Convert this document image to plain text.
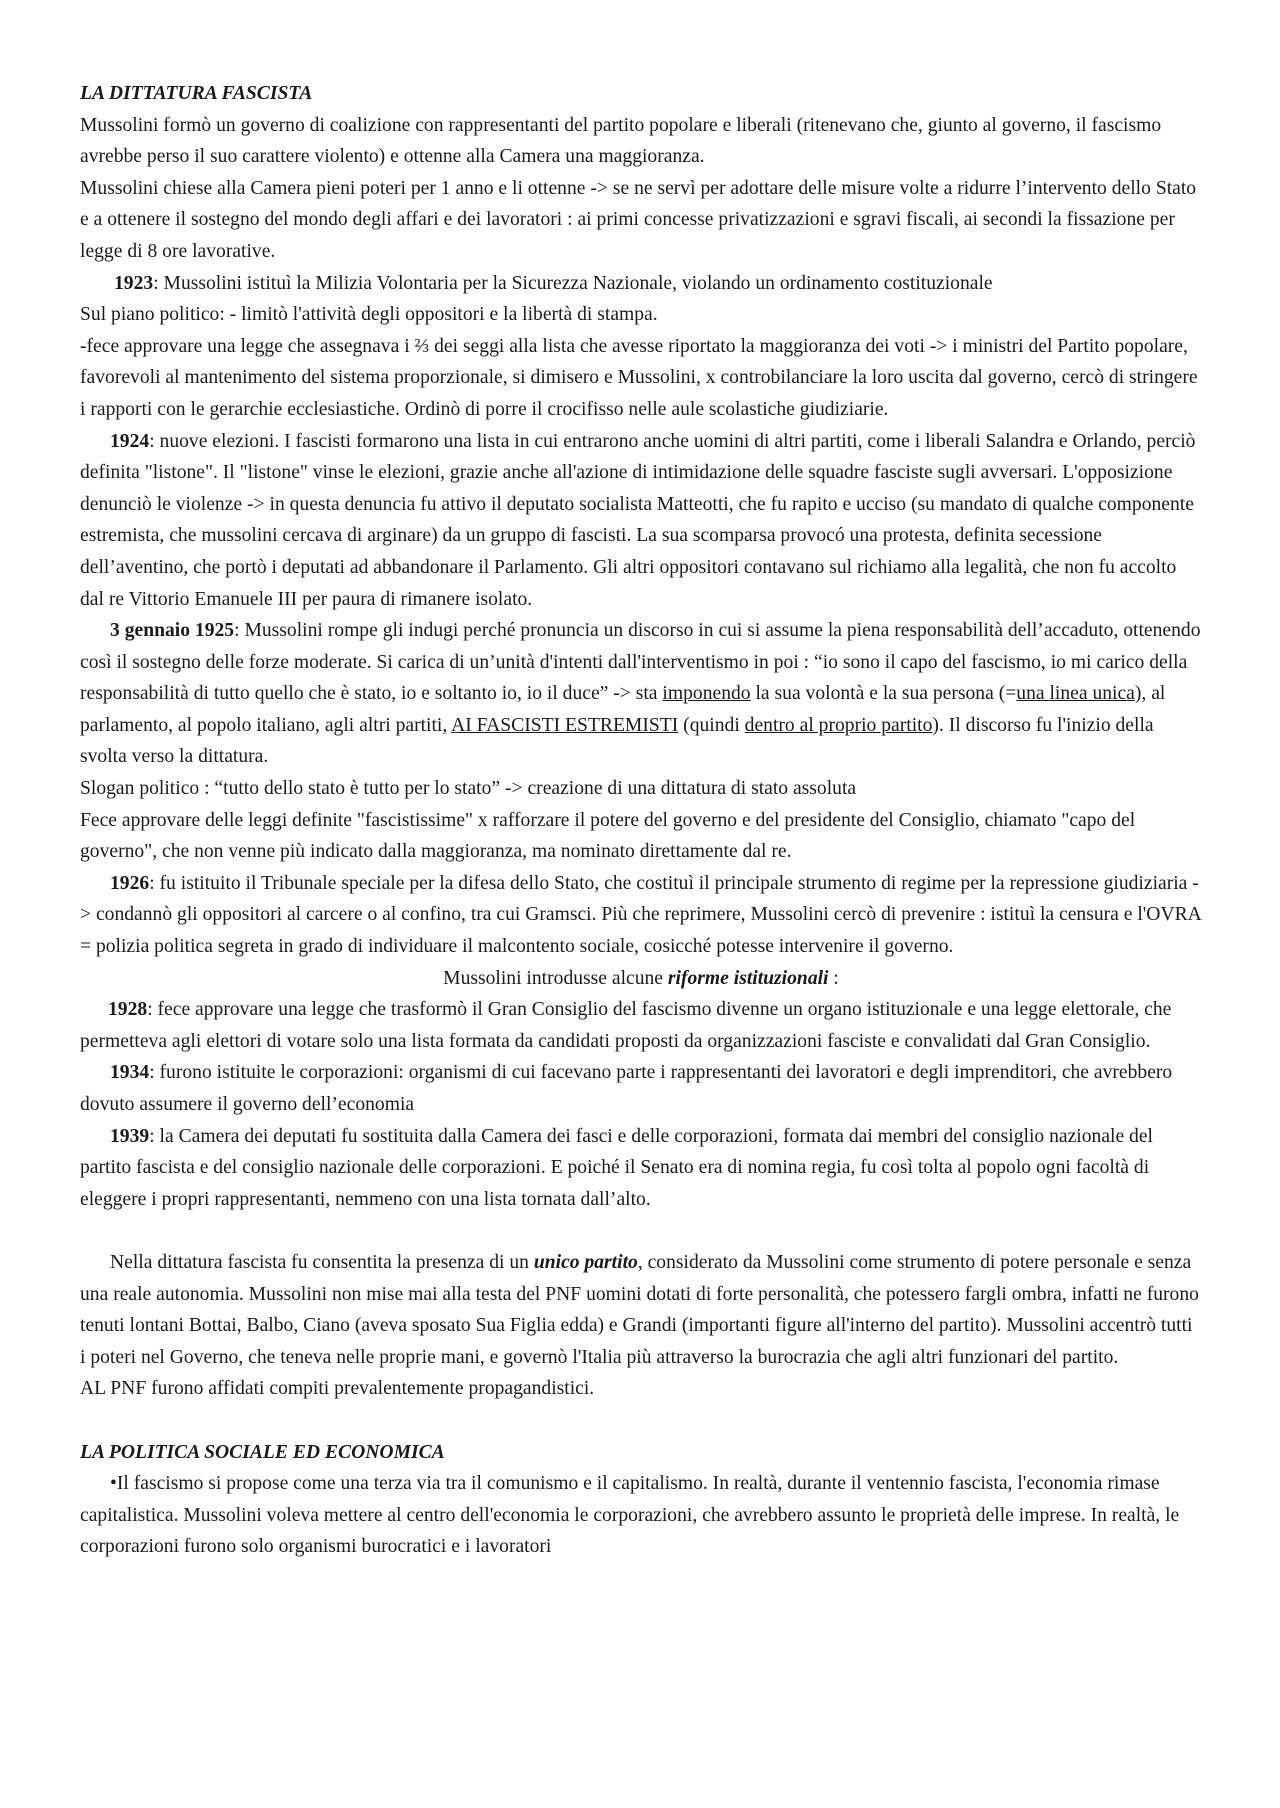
LA DITTATURA FASCISTA

Mussolini formò un governo di coalizione con rappresentanti del partito popolare e liberali (ritenevano che, giunto al governo, il fascismo avrebbe perso il suo carattere violento) e ottenne alla Camera una maggioranza.

Mussolini chiese alla Camera pieni poteri per 1 anno e li ottenne -> se ne servì per adottare delle misure volte a ridurre l’intervento dello Stato e a ottenere il sostegno del mondo degli affari e dei lavoratori : ai primi concesse privatizzazioni e sgravi fiscali, ai secondi la fissazione per legge di 8 ore lavorative.

1923: Mussolini istituì la Milizia Volontaria per la Sicurezza Nazionale, violando un ordinamento costituzionale

Sul piano politico: - limitò l'attività degli oppositori e la libertà di stampa.

-fece approvare una legge che assegnava i ⅔ dei seggi alla lista che avesse riportato la maggioranza dei voti -> i ministri del Partito popolare, favorevoli al mantenimento del sistema proporzionale, si dimisero e Mussolini, x controbilanciare la loro uscita dal governo, cercò di stringere i rapporti con le gerarchie ecclesiastiche. Ordinò di porre il crocifisso nelle aule scolastiche giudiziarie.

1924: nuove elezioni. I fascisti formarono una lista in cui entrarono anche uomini di altri partiti, come i liberali Salandra e Orlando, perciò definita "listone". Il "listone" vinse le elezioni, grazie anche all'azione di intimidazione delle squadre fasciste sugli avversari. L'opposizione denunciò le violenze -> in questa denuncia fu attivo il deputato socialista Matteotti, che fu rapito e ucciso (su mandato di qualche componente estremista, che mussolini cercava di arginare) da un gruppo di fascisti. La sua scomparsa provocó una protesta, definita secessione dell’aventino, che portò i deputati ad abbandonare il Parlamento. Gli altri oppositori contavano sul richiamo alla legalità, che non fu accolto dal re Vittorio Emanuele III per paura di rimanere isolato.

3 gennaio 1925: Mussolini rompe gli indugi perché pronuncia un discorso in cui si assume la piena responsabilità dell’accaduto, ottenendo così il sostegno delle forze moderate. Si carica di un’unità d'intenti dall'interventismo in poi : “io sono il capo del fascismo, io mi carico della responsabilità di tutto quello che è stato, io e soltanto io, io il duce” -> sta imponendo la sua volontà e la sua persona (=una linea unica), al parlamento, al popolo italiano, agli altri partiti, AI FASCISTI ESTREMISTI (quindi dentro al proprio partito). Il discorso fu l'inizio della svolta verso la dittatura.

Slogan politico : “tutto dello stato è tutto per lo stato” -> creazione di una dittatura di stato assoluta

Fece approvare delle leggi definite "fascistissime" x rafforzare il potere del governo e del presidente del Consiglio, chiamato "capo del governo", che non venne più indicato dalla maggioranza, ma nominato direttamente dal re.

1926: fu istituito il Tribunale speciale per la difesa dello Stato, che costituì il principale strumento di regime per la repressione giudiziaria -> condannò gli oppositori al carcere o al confino, tra cui Gramsci. Più che reprimere, Mussolini cercò di prevenire : istituì la censura e l'OVRA = polizia politica segreta in grado di individuare il malcontento sociale, cosicché potesse intervenire il governo.

Mussolini introdusse alcune riforme istituzionali :

1928: fece approvare una legge che trasformò il Gran Consiglio del fascismo divenne un organo istituzionale e una legge elettorale, che permetteva agli elettori di votare solo una lista formata da candidati proposti da organizzazioni fasciste e convalidati dal Gran Consiglio.

1934: furono istituite le corporazioni: organismi di cui facevano parte i rappresentanti dei lavoratori e degli imprenditori, che avrebbero dovuto assumere il governo dell’economia

1939: la Camera dei deputati fu sostituita dalla Camera dei fasci e delle corporazioni, formata dai membri del consiglio nazionale del partito fascista e del consiglio nazionale delle corporazioni. E poiché il Senato era di nomina regia, fu così tolta al popolo ogni facoltà di eleggere i propri rappresentanti, nemmeno con una lista tornata dall’alto.

Nella dittatura fascista fu consentita la presenza di un unico partito, considerato da Mussolini come strumento di potere personale e senza una reale autonomia. Mussolini non mise mai alla testa del PNF uomini dotati di forte personalità, che potessero fargli ombra, infatti ne furono tenuti lontani Bottai, Balbo, Ciano (aveva sposato Sua Figlia edda) e Grandi (importanti figure all'interno del partito). Mussolini accentrò tutti i poteri nel Governo, che teneva nelle proprie mani, e governò l'Italia più attraverso la burocrazia che agli altri funzionari del partito.

AL PNF furono affidati compiti prevalentemente propagandistici.

LA POLITICA SOCIALE ED ECONOMICA

•Il fascismo si propose come una terza via tra il comunismo e il capitalismo. In realtà, durante il ventennio fascista, l'economia rimase capitalistica. Mussolini voleva mettere al centro dell'economia le corporazioni, che avrebbero assunto le proprietà delle imprese. In realtà, le corporazioni furono solo organismi burocratici e i lavoratori
